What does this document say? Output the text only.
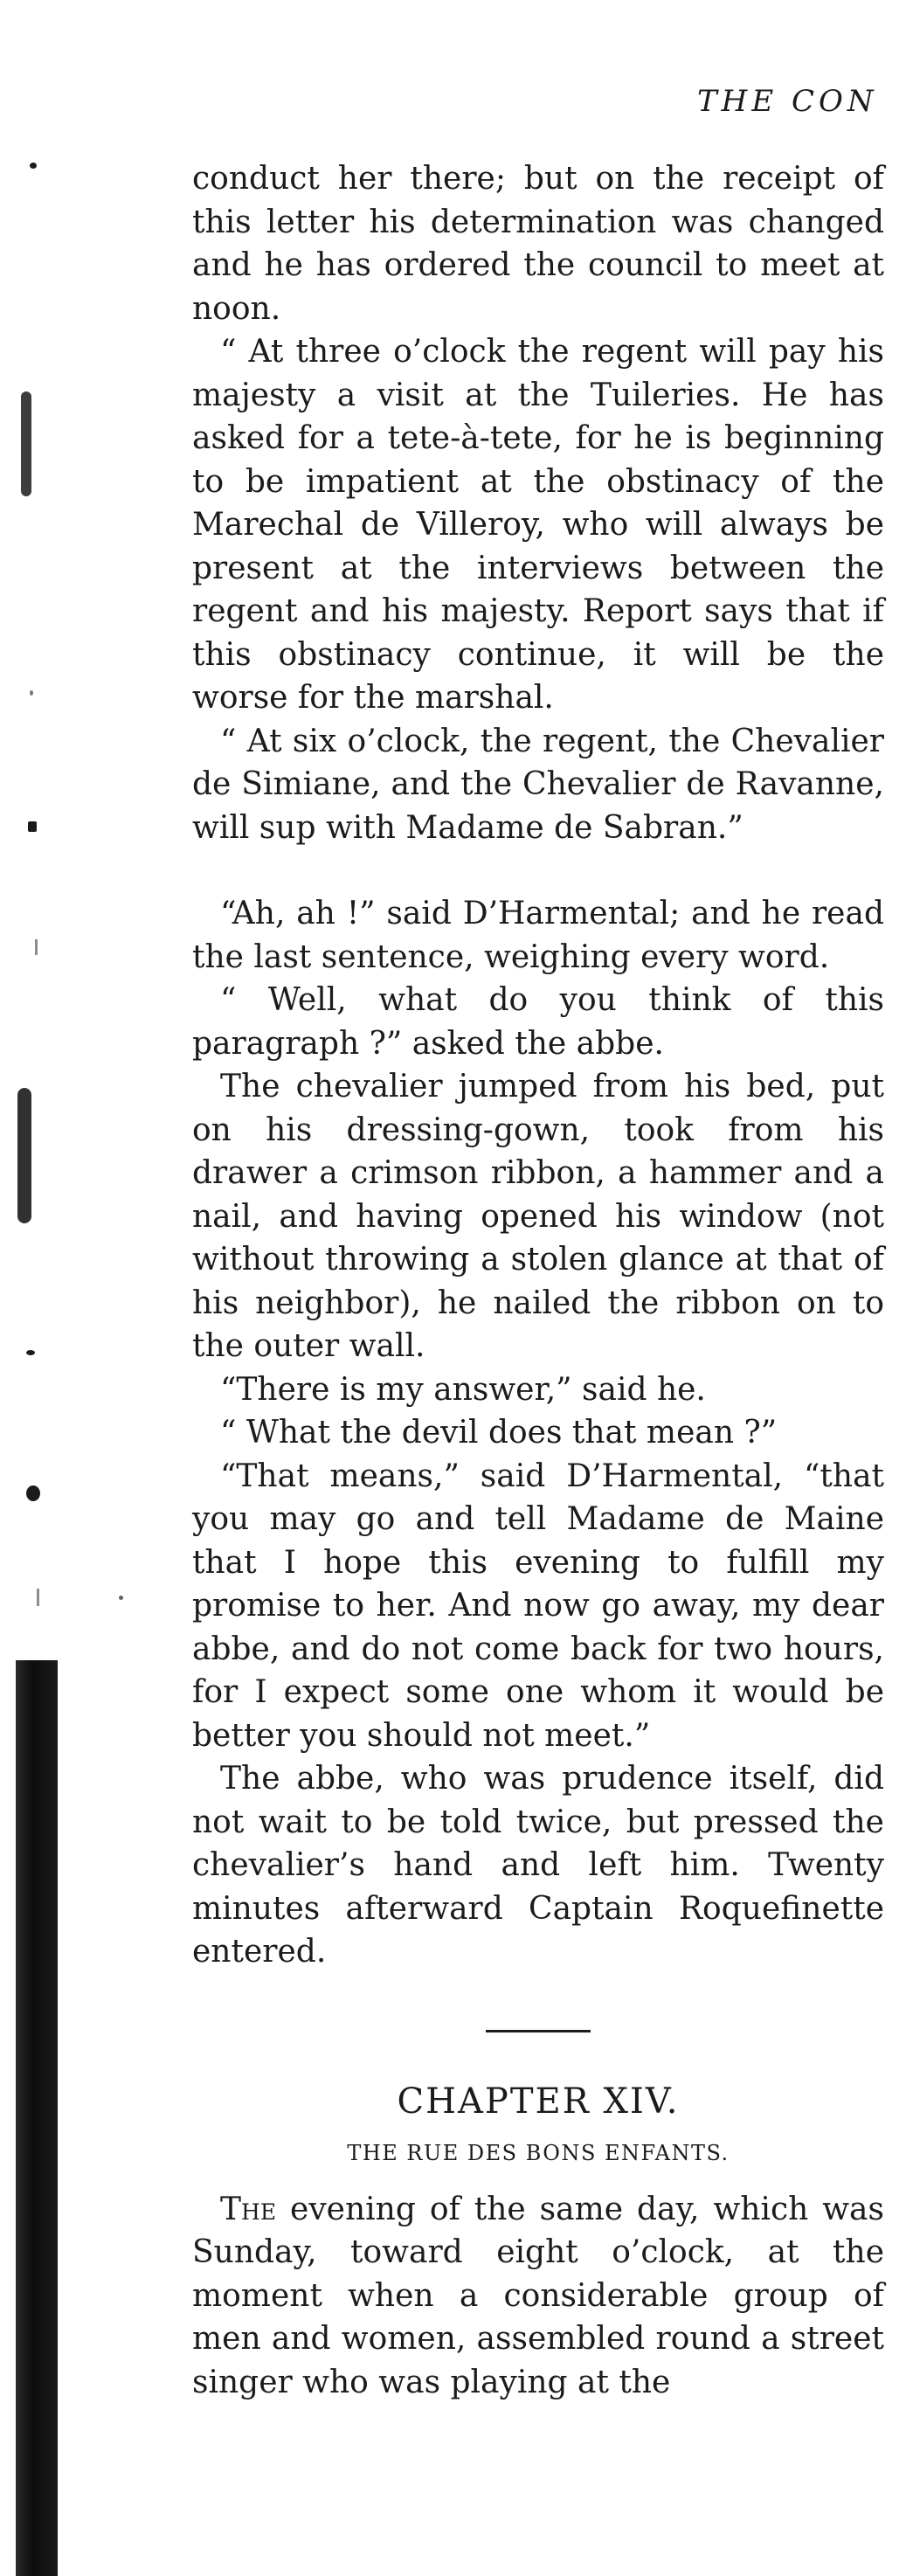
THE CON

conduct her there; but on the receipt of this letter his determination was changed and he has ordered the council to meet at noon.

“ At three o’clock the regent will pay his majesty a visit at the Tuileries. He has asked for a tete-à-tete, for he is beginning to be impatient at the obstinacy of the Marechal de Villeroy, who will always be present at the interviews between the regent and his majesty. Report says that if this obstinacy continue, it will be the worse for the marshal.

“ At six o’clock, the regent, the Chevalier de Simiane, and the Chevalier de Ravanne, will sup with Madame de Sabran.”

“Ah, ah !” said D’Harmental; and he read the last sentence, weighing every word.

“ Well, what do you think of this paragraph ?” asked the abbe.

The chevalier jumped from his bed, put on his dressing-gown, took from his drawer a crimson ribbon, a hammer and a nail, and having opened his window (not without throwing a stolen glance at that of his neighbor), he nailed the ribbon on to the outer wall.

“There is my answer,” said he.

“ What the devil does that mean ?”

“That means,” said D’Harmental, “that you may go and tell Madame de Maine that I hope this evening to fulfill my promise to her. And now go away, my dear abbe, and do not come back for two hours, for I expect some one whom it would be better you should not meet.”

The abbe, who was prudence itself, did not wait to be told twice, but pressed the chevalier’s hand and left him. Twenty minutes afterward Captain Roquefinette entered.

CHAPTER XIV.
THE RUE DES BONS ENFANTS.

The evening of the same day, which was Sunday, toward eight o’clock, at the moment when a considerable group of men and women, assembled round a street singer who was playing at the
